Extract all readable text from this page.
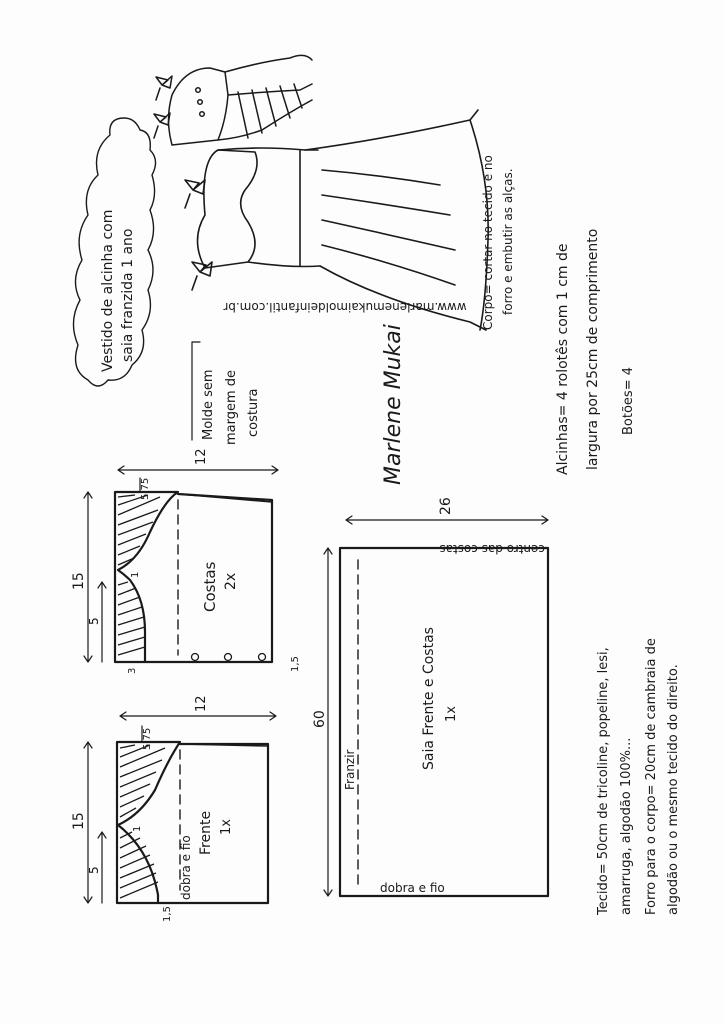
www.marlenemukaimoldeinfantil.com.br Corpo= cortar no tecido e no forro e embutir as alças.
Alcinhas= 4 rolotês com 1 cm de largura por 25cm de comprimento Botões= 4
Vestido de alcinha com saia franzida 1 ano
Molde sem margem de costura	Marlene Mukai
15
5
12
5,75
1
3	1,5
Costas 2x
15
5
12
5,75
1
1,5
Frente 1x
dobra e fio
26
60
centro das costas
Franzir
dobra e fio
Saia Frente e Costas 1x	Tecido= 50cm de tricoline, popeline, lesi, amarruga, algodão 100%... Forro para o corpo= 20cm de cambraia de algodão ou o mesmo tecido do direito.
